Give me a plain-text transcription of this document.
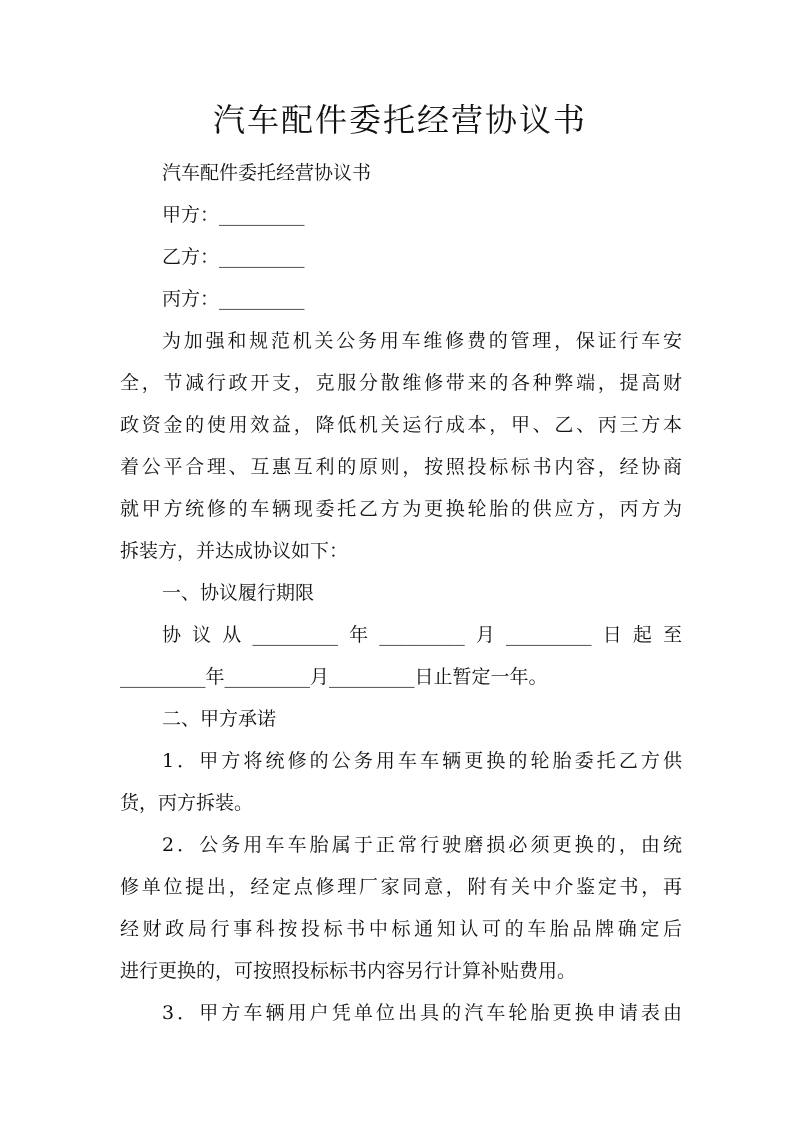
汽车配件委托经营协议书

汽车配件委托经营协议书

甲方：_________

乙方：_________

丙方：_________

为加强和规范机关公务用车维修费的管理，保证行车安
全，节减行政开支，克服分散维修带来的各种弊端，提高财
政资金的使用效益，降低机关运行成本，甲、乙、丙三方本
着公平合理、互惠互利的原则，按照投标标书内容，经协商
就甲方统修的车辆现委托乙方为更换轮胎的供应方，丙方为
拆装方，并达成协议如下：

一、协议履行期限

协议从_________年_________月_________日起至
_________年_________月_________日止暂定一年。

二、甲方承诺

1．甲方将统修的公务用车车辆更换的轮胎委托乙方供
货，丙方拆装。
2．公务用车车胎属于正常行驶磨损必须更换的，由统
修单位提出，经定点修理厂家同意，附有关中介鉴定书，再
经财政局行事科按投标书中标通知认可的车胎品牌确定后
进行更换的，可按照投标标书内容另行计算补贴费用。
3．甲方车辆用户凭单位出具的汽车轮胎更换申请表由
